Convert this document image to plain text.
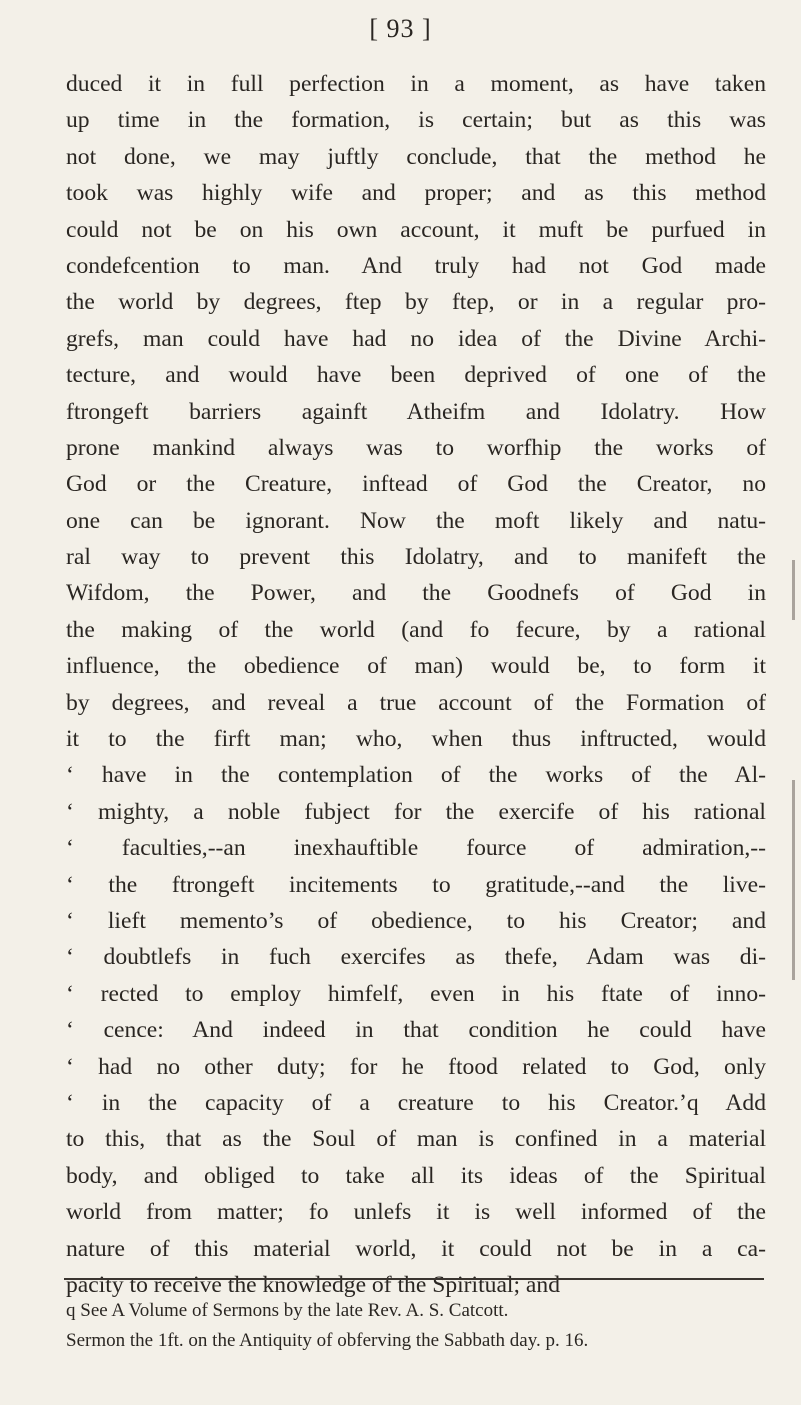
[ 93 ]
duced it in full perfection in a moment, as have taken
up time in the formation, is certain; but as this was
not done, we may juftly conclude, that the method he
took was highly wife and proper; and as this method
could not be on his own account, it muft be purfued in
condefcention to man. And truly had not God made
the world by degrees, ftep by ftep, or in a regular pro-
grefs, man could have had no idea of the Divine Archi-
tecture, and would have been deprived of one of the
ftrongeft barriers againft Atheifm and Idolatry. How
prone mankind always was to worfhip the works of
God or the Creature, inftead of God the Creator, no
one can be ignorant. Now the moft likely and natu-
ral way to prevent this Idolatry, and to manifeft the
Wifdom, the Power, and the Goodnefs of God in
the making of the world (and fo fecure, by a rational
influence, the obedience of man) would be, to form it
by degrees, and reveal a true account of the Formation of
it to the firft man; who, when thus inftructed, would
‘ have in the contemplation of the works of the Al-
‘ mighty, a noble fubject for the exercife of his rational
‘ faculties,--an inexhauftible fource of admiration,--
‘ the ftrongeft incitements to gratitude,--and the live-
‘ lieft memento’s of obedience, to his Creator; and
‘ doubtlefs in fuch exercifes as thefe, Adam was di-
‘ rected to employ himfelf, even in his ftate of inno-
‘ cence: And indeed in that condition he could have
‘ had no other duty; for he ftood related to God, only
‘ in the capacity of a creature to his Creator.’q Add
to this, that as the Soul of man is confined in a material
body, and obliged to take all its ideas of the Spiritual
world from matter; fo unlefs it is well informed of the
nature of this material world, it could not be in a ca-
pacity to receive the knowledge of the Spiritual; and
q See A Volume of Sermons by the late Rev. A. S. Catcott.
Sermon the 1ft. on the Antiquity of obferving the Sabbath day. p. 16.
